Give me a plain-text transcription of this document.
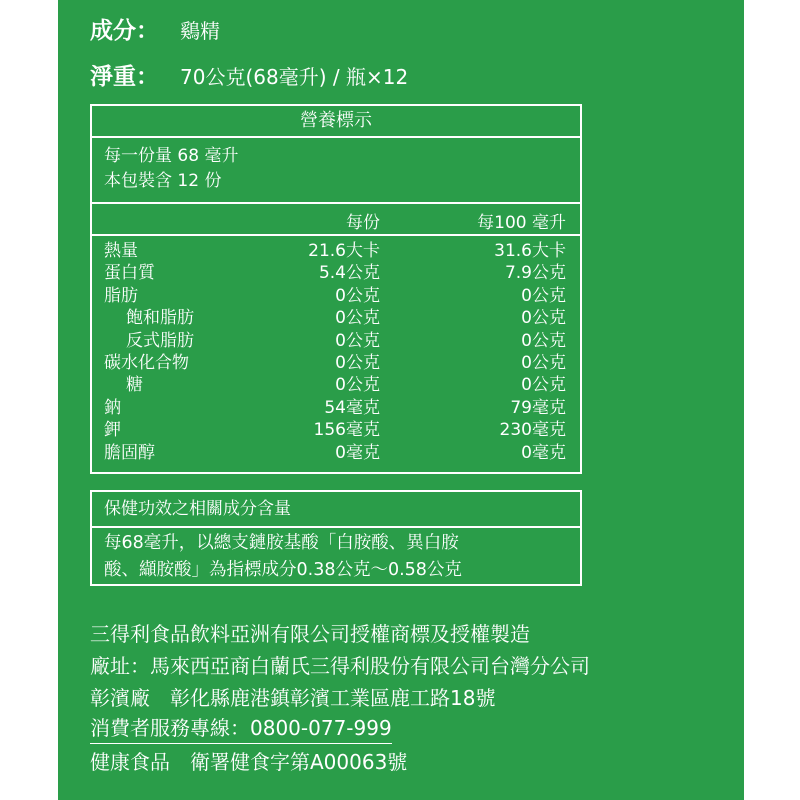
成分： 鷄精
淨重： 70公克(68毫升) / 瓶×12
營養標示
每一份量 68 毫升
本包裝含 12 份
每份	每100 毫升
熱量	21.6大卡	31.6大卡
蛋白質	5.4公克	7.9公克
脂肪	0公克	0公克
飽和脂肪	0公克	0公克
反式脂肪	0公克	0公克
碳水化合物	0公克	0公克
糖	0公克	0公克
鈉	54毫克	79毫克
鉀	156毫克	230毫克
膽固醇	0毫克	0毫克
保健功效之相關成分含量
每68毫升，以總支鏈胺基酸「白胺酸、異白胺
酸、纈胺酸」為指標成分0.38公克～0.58公克
三得利食品飲料亞洲有限公司授權商標及授權製造
廠址：馬來西亞商白蘭氏三得利股份有限公司台灣分公司
彰濱廠　彰化縣鹿港鎮彰濱工業區鹿工路18號
消費者服務專線：0800-077-999
健康食品　衛署健食字第A00063號
